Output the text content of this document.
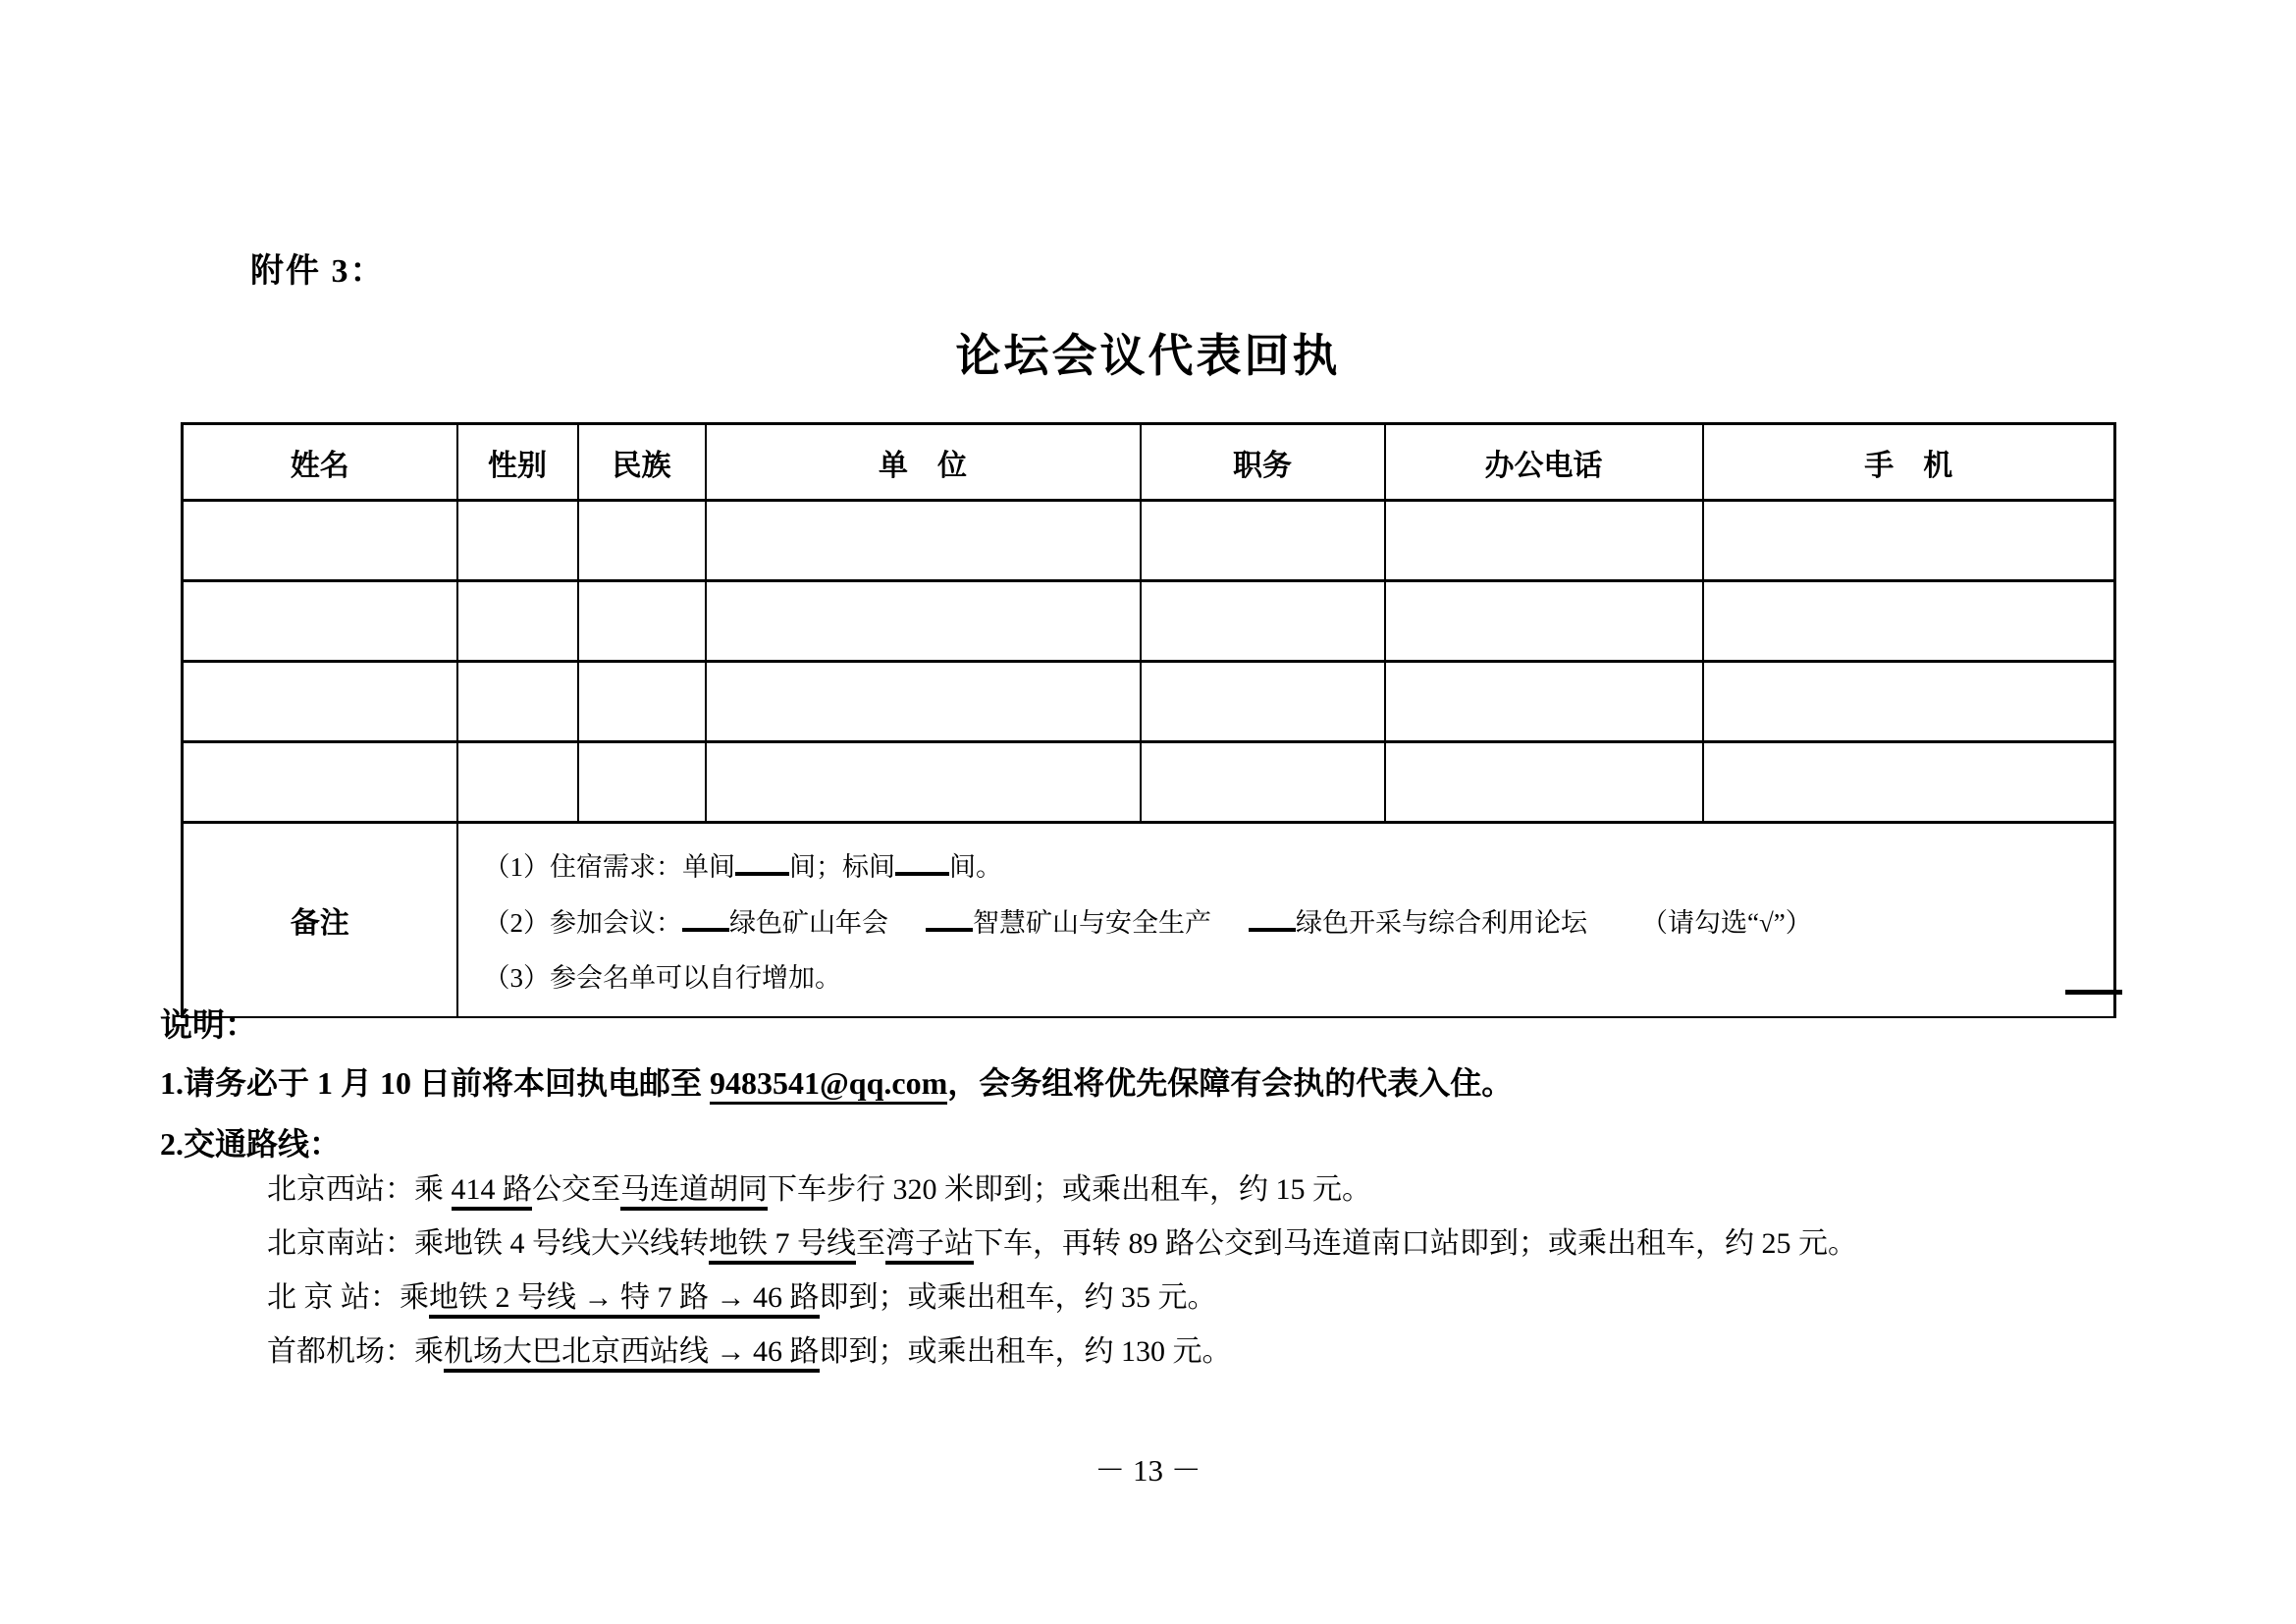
附件 3：
论坛会议代表回执
姓名	性别	民族	单　位	职务	办公电话	手　机

备注	（1）住宿需求：单间 间；标间 间。
（2）参加会议： 绿色矿山年会 智慧矿山与安全生产 绿色开采与综合利用论坛 （请勾选“√”）
（3）参会名单可以自行增加。					
说明：
1.请务必于 1 月 10 日前将本回执电邮至 9483541@qq.com，会务组将优先保障有会执的代表入住。
2.交通路线：
北京西站：乘 414 路公交至马连道胡同下车步行 320 米即到；或乘出租车，约 15 元。
北京南站：乘地铁 4 号线大兴线转地铁 7 号线至湾子站下车，再转 89 路公交到马连道南口站即到；或乘出租车，约 25 元。
北 京 站：乘地铁 2 号线 → 特 7 路 → 46 路即到；或乘出租车，约 35 元。
首都机场：乘机场大巴北京西站线 → 46 路即到；或乘出租车，约 130 元。
－ 13 －
